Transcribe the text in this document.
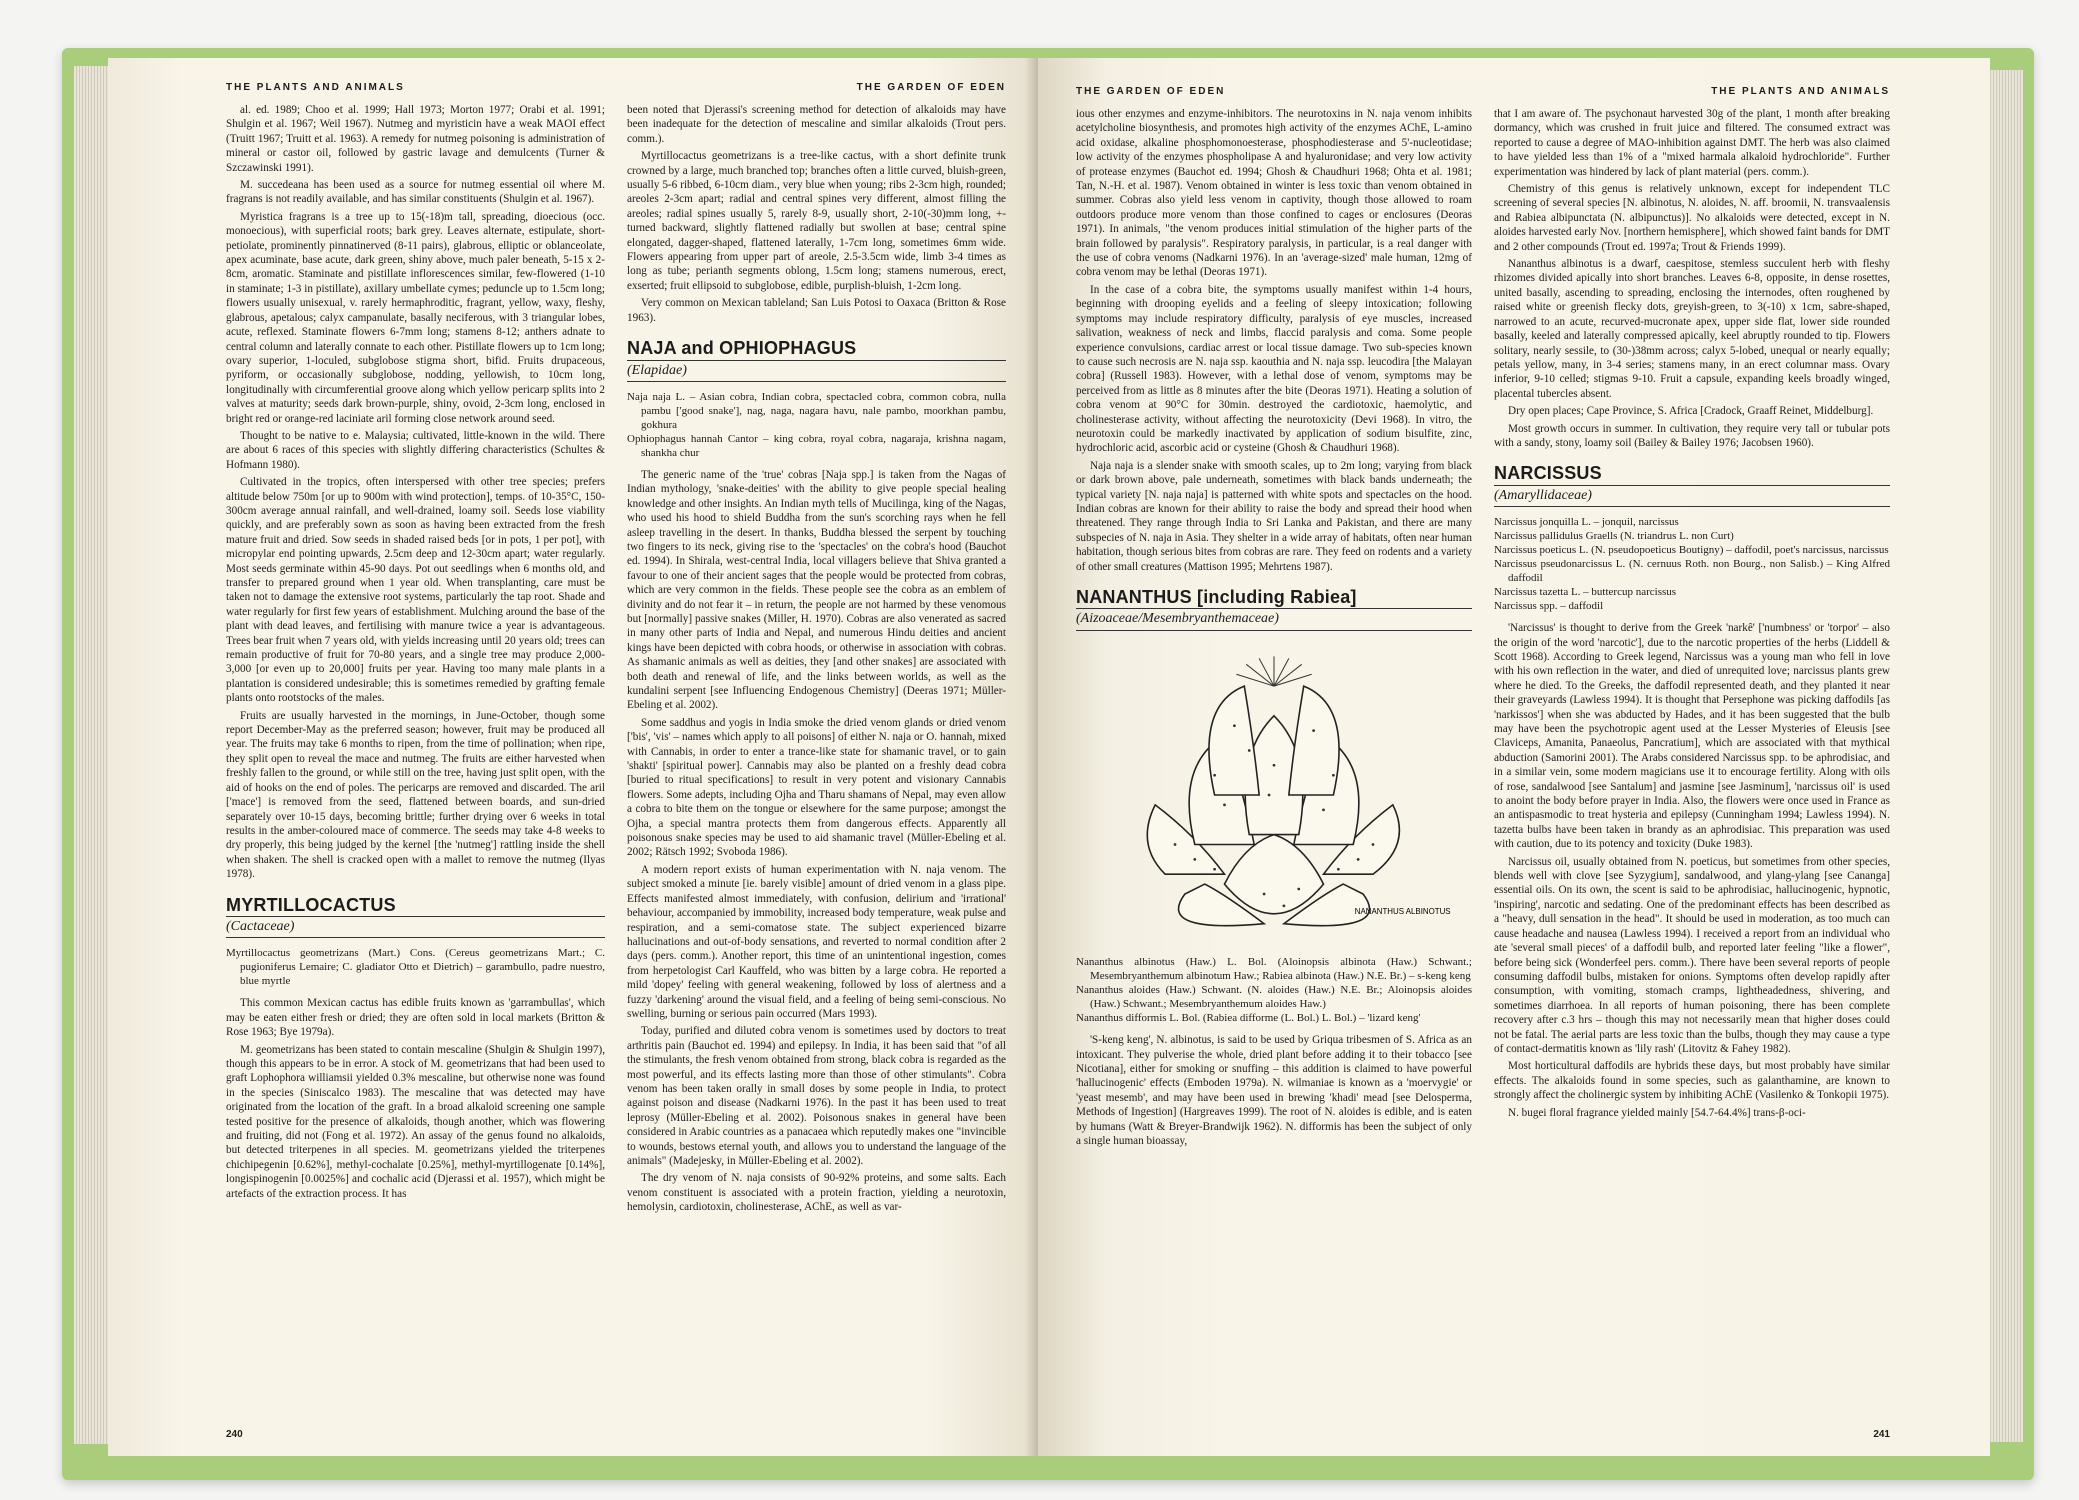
THE PLANTS AND ANIMALS	THE GARDEN OF EDEN

al. ed. 1989; Choo et al. 1999; Hall 1973; Morton 1977; Orabi et al. 1991; Shulgin et al. 1967; Weil 1967). Nutmeg and myristicin have a weak MAOI effect (Truitt 1967; Truitt et al. 1963). A remedy for nutmeg poisoning is administration of mineral or castor oil, followed by gastric lavage and demulcents (Turner & Szczawinski 1991).

M. succedeana has been used as a source for nutmeg essential oil where M. fragrans is not readily available, and has similar constituents (Shulgin et al. 1967).

Myristica fragrans is a tree up to 15(-18)m tall, spreading, dioecious (occ. monoecious), with superficial roots; bark grey. Leaves alternate, estipulate, short-petiolate, prominently pinnatinerved (8-11 pairs), glabrous, elliptic or oblanceolate, apex acuminate, base acute, dark green, shiny above, much paler beneath, 5-15 x 2-8cm, aromatic. Staminate and pistillate inflorescences similar, few-flowered (1-10 in staminate; 1-3 in pistillate), axillary umbellate cymes; peduncle up to 1.5cm long; flowers usually unisexual, v. rarely hermaphroditic, fragrant, yellow, waxy, fleshy, glabrous, apetalous; calyx campanulate, basally neciferous, with 3 triangular lobes, acute, reflexed. Staminate flowers 6-7mm long; stamens 8-12; anthers adnate to central column and laterally connate to each other. Pistillate flowers up to 1cm long; ovary superior, 1-loculed, subglobose stigma short, bifid. Fruits drupaceous, pyriform, or occasionally subglobose, nodding, yellowish, to 10cm long, longitudinally with circumferential groove along which yellow pericarp splits into 2 valves at maturity; seeds dark brown-purple, shiny, ovoid, 2-3cm long, enclosed in bright red or orange-red laciniate aril forming close network around seed.

Thought to be native to e. Malaysia; cultivated, little-known in the wild. There are about 6 races of this species with slightly differing characteristics (Schultes & Hofmann 1980).

Cultivated in the tropics, often interspersed with other tree species; prefers altitude below 750m [or up to 900m with wind protection], temps. of 10-35°C, 150-300cm average annual rainfall, and well-drained, loamy soil. Seeds lose viability quickly, and are preferably sown as soon as having been extracted from the fresh mature fruit and dried. Sow seeds in shaded raised beds [or in pots, 1 per pot], with micropylar end pointing upwards, 2.5cm deep and 12-30cm apart; water regularly. Most seeds germinate within 45-90 days. Pot out seedlings when 6 months old, and transfer to prepared ground when 1 year old. When transplanting, care must be taken not to damage the extensive root systems, particularly the tap root. Shade and water regularly for first few years of establishment. Mulching around the base of the plant with dead leaves, and fertilising with manure twice a year is advantageous. Trees bear fruit when 7 years old, with yields increasing until 20 years old; trees can remain productive of fruit for 70-80 years, and a single tree may produce 2,000-3,000 [or even up to 20,000] fruits per year. Having too many male plants in a plantation is considered undesirable; this is sometimes remedied by grafting female plants onto rootstocks of the males.

Fruits are usually harvested in the mornings, in June-October, though some report December-May as the preferred season; however, fruit may be produced all year. The fruits may take 6 months to ripen, from the time of pollination; when ripe, they split open to reveal the mace and nutmeg. The fruits are either harvested when freshly fallen to the ground, or while still on the tree, having just split open, with the aid of hooks on the end of poles. The pericarps are removed and discarded. The aril ['mace'] is removed from the seed, flattened between boards, and sun-dried separately over 10-15 days, becoming brittle; further drying over 6 weeks in total results in the amber-coloured mace of commerce. The seeds may take 4-8 weeks to dry properly, this being judged by the kernel [the 'nutmeg'] rattling inside the shell when shaken. The shell is cracked open with a mallet to remove the nutmeg (Ilyas 1978).

MYRTILLOCACTUS
(Cactaceae)
Myrtillocactus geometrizans (Mart.) Cons. (Cereus geometrizans Mart.; C. pugioniferus Lemaire; C. gladiator Otto et Dietrich) – garambullo, padre nuestro, blue myrtle

This common Mexican cactus has edible fruits known as 'garrambullas', which may be eaten either fresh or dried; they are often sold in local markets (Britton & Rose 1963; Bye 1979a).

M. geometrizans has been stated to contain mescaline (Shulgin & Shulgin 1997), though this appears to be in error. A stock of M. geometrizans that had been used to graft Lophophora williamsii yielded 0.3% mescaline, but otherwise none was found in the species (Siniscalco 1983). The mescaline that was detected may have originated from the location of the graft. In a broad alkaloid screening one sample tested positive for the presence of alkaloids, though another, which was flowering and fruiting, did not (Fong et al. 1972). An assay of the genus found no alkaloids, but detected triterpenes in all species. M. geometrizans yielded the triterpenes chichipegenin [0.62%], methyl-cochalate [0.25%], methyl-myrtillogenate [0.14%], longispinogenin [0.0025%] and cochalic acid (Djerassi et al. 1957), which might be artefacts of the extraction process. It has

been noted that Djerassi's screening method for detection of alkaloids may have been inadequate for the detection of mescaline and similar alkaloids (Trout pers. comm.).

Myrtillocactus geometrizans is a tree-like cactus, with a short definite trunk crowned by a large, much branched top; branches often a little curved, bluish-green, usually 5-6 ribbed, 6-10cm diam., very blue when young; ribs 2-3cm high, rounded; areoles 2-3cm apart; radial and central spines very different, almost filling the areoles; radial spines usually 5, rarely 8-9, usually short, 2-10(-30)mm long, +- turned backward, slightly flattened radially but swollen at base; central spine elongated, dagger-shaped, flattened laterally, 1-7cm long, sometimes 6mm wide. Flowers appearing from upper part of areole, 2.5-3.5cm wide, limb 3-4 times as long as tube; perianth segments oblong, 1.5cm long; stamens numerous, erect, exserted; fruit ellipsoid to subglobose, edible, purplish-bluish, 1-2cm long.

Very common on Mexican tableland; San Luis Potosi to Oaxaca (Britton & Rose 1963).

NAJA and OPHIOPHAGUS
(Elapidae)
Naja naja L. – Asian cobra, Indian cobra, spectacled cobra, common cobra, nulla pambu ['good snake'], nag, naga, nagara havu, nale pambo, moorkhan pambu, gokhura
Ophiophagus hannah Cantor – king cobra, royal cobra, nagaraja, krishna nagam, shankha chur

The generic name of the 'true' cobras [Naja spp.] is taken from the Nagas of Indian mythology, 'snake-deities' with the ability to give people special healing knowledge and other insights. An Indian myth tells of Mucilinga, king of the Nagas, who used his hood to shield Buddha from the sun's scorching rays when he fell asleep travelling in the desert. In thanks, Buddha blessed the serpent by touching two fingers to its neck, giving rise to the 'spectacles' on the cobra's hood (Bauchot ed. 1994). In Shirala, west-central India, local villagers believe that Shiva granted a favour to one of their ancient sages that the people would be protected from cobras, which are very common in the fields. These people see the cobra as an emblem of divinity and do not fear it – in return, the people are not harmed by these venomous but [normally] passive snakes (Miller, H. 1970). Cobras are also venerated as sacred in many other parts of India and Nepal, and numerous Hindu deities and ancient kings have been depicted with cobra hoods, or otherwise in association with cobras. As shamanic animals as well as deities, they [and other snakes] are associated with both death and renewal of life, and the links between worlds, as well as the kundalini serpent [see Influencing Endogenous Chemistry] (Deeras 1971; Müller-Ebeling et al. 2002).

Some saddhus and yogis in India smoke the dried venom glands or dried venom ['bis', 'vis' – names which apply to all poisons] of either N. naja or O. hannah, mixed with Cannabis, in order to enter a trance-like state for shamanic travel, or to gain 'shakti' [spiritual power]. Cannabis may also be planted on a freshly dead cobra [buried to ritual specifications] to result in very potent and visionary Cannabis flowers. Some adepts, including Ojha and Tharu shamans of Nepal, may even allow a cobra to bite them on the tongue or elsewhere for the same purpose; amongst the Ojha, a special mantra protects them from dangerous effects. Apparently all poisonous snake species may be used to aid shamanic travel (Müller-Ebeling et al. 2002; Rätsch 1992; Svoboda 1986).

A modern report exists of human experimentation with N. naja venom. The subject smoked a minute [ie. barely visible] amount of dried venom in a glass pipe. Effects manifested almost immediately, with confusion, delirium and 'irrational' behaviour, accompanied by immobility, increased body temperature, weak pulse and respiration, and a semi-comatose state. The subject experienced bizarre hallucinations and out-of-body sensations, and reverted to normal condition after 2 days (pers. comm.). Another report, this time of an unintentional ingestion, comes from herpetologist Carl Kauffeld, who was bitten by a large cobra. He reported a mild 'dopey' feeling with general weakening, followed by loss of alertness and a fuzzy 'darkening' around the visual field, and a feeling of being semi-conscious. No swelling, burning or serious pain occurred (Mars 1993).

Today, purified and diluted cobra venom is sometimes used by doctors to treat arthritis pain (Bauchot ed. 1994) and epilepsy. In India, it has been said that "of all the stimulants, the fresh venom obtained from strong, black cobra is regarded as the most powerful, and its effects lasting more than those of other stimulants". Cobra venom has been taken orally in small doses by some people in India, to protect against poison and disease (Nadkarni 1976). In the past it has been used to treat leprosy (Müller-Ebeling et al. 2002). Poisonous snakes in general have been considered in Arabic countries as a panacaea which reputedly makes one "invincible to wounds, bestows eternal youth, and allows you to understand the language of the animals" (Madejesky, in Müller-Ebeling et al. 2002).

The dry venom of N. naja consists of 90-92% proteins, and some salts. Each venom constituent is associated with a protein fraction, yielding a neurotoxin, hemolysin, cardiotoxin, cholinesterase, AChE, as well as var-

240
THE GARDEN OF EDEN	THE PLANTS AND ANIMALS

ious other enzymes and enzyme-inhibitors. The neurotoxins in N. naja venom inhibits acetylcholine biosynthesis, and promotes high activity of the enzymes AChE, L-amino acid oxidase, alkaline phosphomonoesterase, phosphodiesterase and 5'-nucleotidase; low activity of the enzymes phospholipase A and hyaluronidase; and very low activity of protease enzymes (Bauchot ed. 1994; Ghosh & Chaudhuri 1968; Ohta et al. 1981; Tan, N.-H. et al. 1987). Venom obtained in winter is less toxic than venom obtained in summer. Cobras also yield less venom in captivity, though those allowed to roam outdoors produce more venom than those confined to cages or enclosures (Deoras 1971). In animals, "the venom produces initial stimulation of the higher parts of the brain followed by paralysis". Respiratory paralysis, in particular, is a real danger with the use of cobra venoms (Nadkarni 1976). In an 'average-sized' male human, 12mg of cobra venom may be lethal (Deoras 1971).

In the case of a cobra bite, the symptoms usually manifest within 1-4 hours, beginning with drooping eyelids and a feeling of sleepy intoxication; following symptoms may include respiratory difficulty, paralysis of eye muscles, increased salivation, weakness of neck and limbs, flaccid paralysis and coma. Some people experience convulsions, cardiac arrest or local tissue damage. Two sub-species known to cause such necrosis are N. naja ssp. kaouthia and N. naja ssp. leucodira [the Malayan cobra] (Russell 1983). However, with a lethal dose of venom, symptoms may be perceived from as little as 8 minutes after the bite (Deoras 1971). Heating a solution of cobra venom at 90°C for 30min. destroyed the cardiotoxic, haemolytic, and cholinesterase activity, without affecting the neurotoxicity (Devi 1968). In vitro, the neurotoxin could be markedly inactivated by application of sodium bisulfite, zinc, hydrochloric acid, ascorbic acid or cysteine (Ghosh & Chaudhuri 1968).

Naja naja is a slender snake with smooth scales, up to 2m long; varying from black or dark brown above, pale underneath, sometimes with black bands underneath; the typical variety [N. naja naja] is patterned with white spots and spectacles on the hood. Indian cobras are known for their ability to raise the body and spread their hood when threatened. They range through India to Sri Lanka and Pakistan, and there are many subspecies of N. naja in Asia. They shelter in a wide array of habitats, often near human habitation, though serious bites from cobras are rare. They feed on rodents and a variety of other small creatures (Mattison 1995; Mehrtens 1987).

NANANTHUS [including Rabiea]
(Aizoaceae/Mesembryanthemaceae)
NANANTHUS ALBINOTUS
Nananthus albinotus (Haw.) L. Bol. (Aloinopsis albinota (Haw.) Schwant.; Mesembryanthemum albinotum Haw.; Rabiea albinota (Haw.) N.E. Br.) – s-keng keng
Nananthus aloides (Haw.) Schwant. (N. aloides (Haw.) N.E. Br.; Aloinopsis aloides (Haw.) Schwant.; Mesembryanthemum aloides Haw.)
Nananthus difformis L. Bol. (Rabiea difforme (L. Bol.) L. Bol.) – 'lizard keng'

'S-keng keng', N. albinotus, is said to be used by Griqua tribesmen of S. Africa as an intoxicant. They pulverise the whole, dried plant before adding it to their tobacco [see Nicotiana], either for smoking or snuffing – this addition is claimed to have powerful 'hallucinogenic' effects (Emboden 1979a). N. wilmaniae is known as a 'moervygie' or 'yeast mesemb', and may have been used in brewing 'khadi' mead [see Delosperma, Methods of Ingestion] (Hargreaves 1999). The root of N. aloides is edible, and is eaten by humans (Watt & Breyer-Brandwijk 1962). N. difformis has been the subject of only a single human bioassay,

that I am aware of. The psychonaut harvested 30g of the plant, 1 month after breaking dormancy, which was crushed in fruit juice and filtered. The consumed extract was reported to cause a degree of MAO-inhibition against DMT. The herb was also claimed to have yielded less than 1% of a "mixed harmala alkaloid hydrochloride". Further experimentation was hindered by lack of plant material (pers. comm.).

Chemistry of this genus is relatively unknown, except for independent TLC screening of several species [N. albinotus, N. aloides, N. aff. broomii, N. transvaalensis and Rabiea albipunctata (N. albipunctus)]. No alkaloids were detected, except in N. aloides harvested early Nov. [northern hemisphere], which showed faint bands for DMT and 2 other compounds (Trout ed. 1997a; Trout & Friends 1999).

Nananthus albinotus is a dwarf, caespitose, stemless succulent herb with fleshy rhizomes divided apically into short branches. Leaves 6-8, opposite, in dense rosettes, united basally, ascending to spreading, enclosing the internodes, often roughened by raised white or greenish flecky dots, greyish-green, to 3(-10) x 1cm, sabre-shaped, narrowed to an acute, recurved-mucronate apex, upper side flat, lower side rounded basally, keeled and laterally compressed apically, keel abruptly rounded to tip. Flowers solitary, nearly sessile, to (30-)38mm across; calyx 5-lobed, unequal or nearly equally; petals yellow, many, in 3-4 series; stamens many, in an erect columnar mass. Ovary inferior, 9-10 celled; stigmas 9-10. Fruit a capsule, expanding keels broadly winged, placental tubercles absent.

Dry open places; Cape Province, S. Africa [Cradock, Graaff Reinet, Middelburg].

Most growth occurs in summer. In cultivation, they require very tall or tubular pots with a sandy, stony, loamy soil (Bailey & Bailey 1976; Jacobsen 1960).

NARCISSUS
(Amaryllidaceae)
Narcissus jonquilla L. – jonquil, narcissus
Narcissus pallidulus Graells (N. triandrus L. non Curt)
Narcissus poeticus L. (N. pseudopoeticus Boutigny) – daffodil, poet's narcissus, narcissus
Narcissus pseudonarcissus L. (N. cernuus Roth. non Bourg., non Salisb.) – King Alfred daffodil
Narcissus tazetta L. – buttercup narcissus
Narcissus spp. – daffodil

'Narcissus' is thought to derive from the Greek 'narkê' ['numbness' or 'torpor' – also the origin of the word 'narcotic'], due to the narcotic properties of the herbs (Liddell & Scott 1968). According to Greek legend, Narcissus was a young man who fell in love with his own reflection in the water, and died of unrequited love; narcissus plants grew where he died. To the Greeks, the daffodil represented death, and they planted it near their graveyards (Lawless 1994). It is thought that Persephone was picking daffodils [as 'narkissos'] when she was abducted by Hades, and it has been suggested that the bulb may have been the psychotropic agent used at the Lesser Mysteries of Eleusis [see Claviceps, Amanita, Panaeolus, Pancratium], which are associated with that mythical abduction (Samorini 2001). The Arabs considered Narcissus spp. to be aphrodisiac, and in a similar vein, some modern magicians use it to encourage fertility. Along with oils of rose, sandalwood [see Santalum] and jasmine [see Jasminum], 'narcissus oil' is used to anoint the body before prayer in India. Also, the flowers were once used in France as an antispasmodic to treat hysteria and epilepsy (Cunningham 1994; Lawless 1994). N. tazetta bulbs have been taken in brandy as an aphrodisiac. This preparation was used with caution, due to its potency and toxicity (Duke 1983).

Narcissus oil, usually obtained from N. poeticus, but sometimes from other species, blends well with clove [see Syzygium], sandalwood, and ylang-ylang [see Cananga] essential oils. On its own, the scent is said to be aphrodisiac, hallucinogenic, hypnotic, 'inspiring', narcotic and sedating. One of the predominant effects has been described as a "heavy, dull sensation in the head". It should be used in moderation, as too much can cause headache and nausea (Lawless 1994). I received a report from an individual who ate 'several small pieces' of a daffodil bulb, and reported later feeling "like a flower", before being sick (Wonderfeel pers. comm.). There have been several reports of people consuming daffodil bulbs, mistaken for onions. Symptoms often develop rapidly after consumption, with vomiting, stomach cramps, lightheadedness, shivering, and sometimes diarrhoea. In all reports of human poisoning, there has been complete recovery after c.3 hrs – though this may not necessarily mean that higher doses could not be fatal. The aerial parts are less toxic than the bulbs, though they may cause a type of contact-dermatitis known as 'lily rash' (Litovitz & Fahey 1982).

Most horticultural daffodils are hybrids these days, but most probably have similar effects. The alkaloids found in some species, such as galanthamine, are known to strongly affect the cholinergic system by inhibiting AChE (Vasilenko & Tonkopii 1975).

N. bugei floral fragrance yielded mainly [54.7-64.4%] trans-β-oci-

241
